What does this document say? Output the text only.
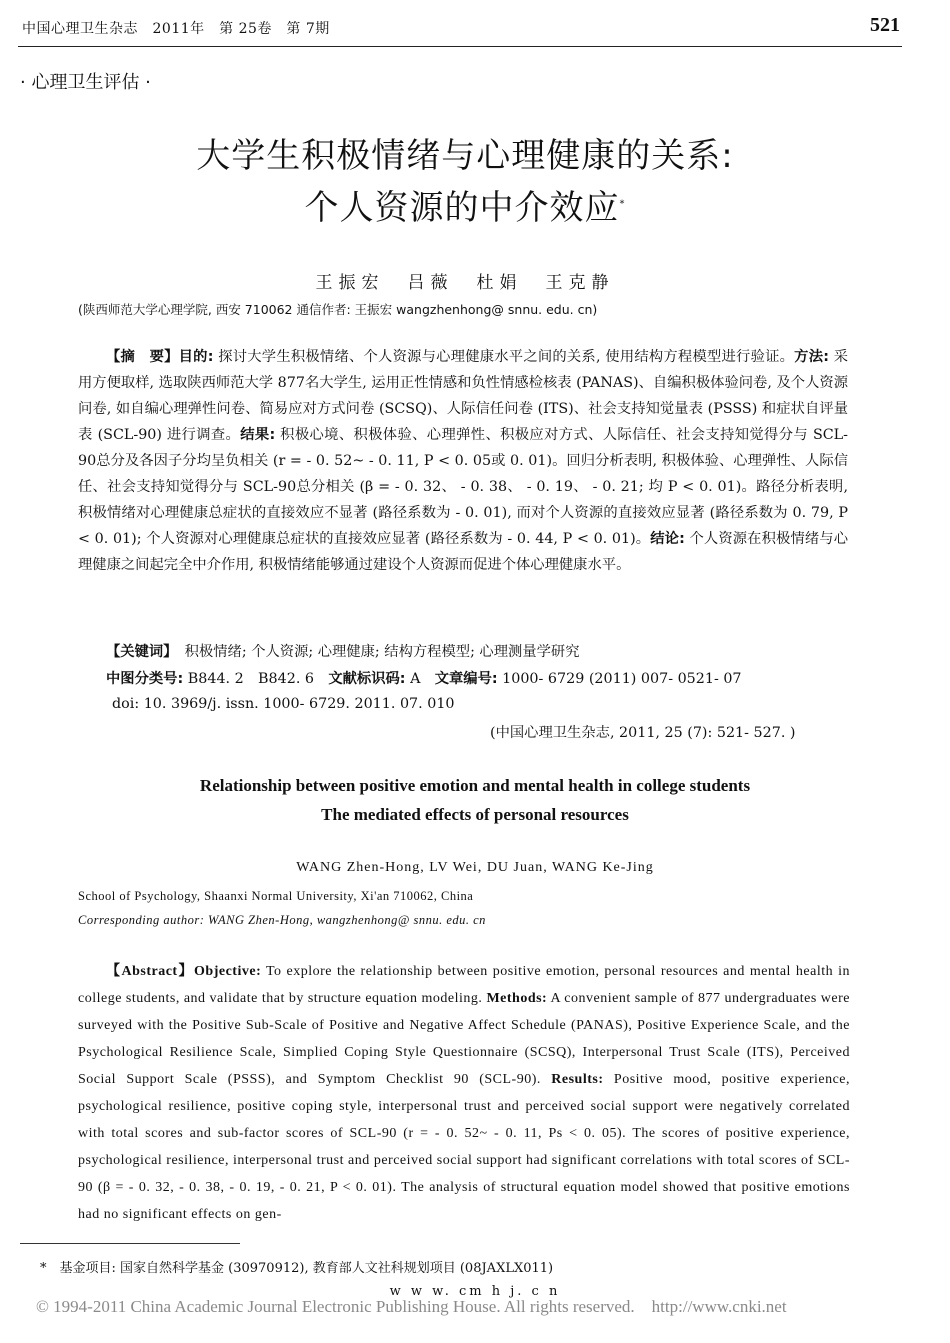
中国心理卫生杂志　2011年　第 25卷　第 7期	521
· 心理卫生评估 ·
大学生积极情绪与心理健康的关系:
个人资源的中介效应*
王振宏　吕薇　杜娟　王克静
(陕西师范大学心理学院, 西安 710062 通信作者: 王振宏 wangzhenhong@ snnu. edu. cn)
【摘　要】目的: 探讨大学生积极情绪、个人资源与心理健康水平之间的关系, 使用结构方程模型进行验证。方法: 采用方便取样, 选取陕西师范大学 877名大学生, 运用正性情感和负性情感检核表 (PANAS)、自编积极体验问卷, 及个人资源问卷, 如自编心理弹性问卷、简易应对方式问卷 (SCSQ)、人际信任问卷 (ITS)、社会支持知觉量表 (PSSS) 和症状自评量表 (SCL-90) 进行调查。结果: 积极心境、积极体验、心理弹性、积极应对方式、人际信任、社会支持知觉得分与 SCL-90总分及各因子分均呈负相关 (r = - 0. 52~ - 0. 11, P < 0. 05或 0. 01)。回归分析表明, 积极体验、心理弹性、人际信任、社会支持知觉得分与 SCL-90总分相关 (β = - 0. 32、 - 0. 38、 - 0. 19、 - 0. 21; 均 P < 0. 01)。路径分析表明, 积极情绪对心理健康总症状的直接效应不显著 (路径系数为 - 0. 01), 而对个人资源的直接效应显著 (路径系数为 0. 79, P < 0. 01); 个人资源对心理健康总症状的直接效应显著 (路径系数为 - 0. 44, P < 0. 01)。结论: 个人资源在积极情绪与心理健康之间起完全中介作用, 积极情绪能够通过建设个人资源而促进个体心理健康水平。
【关键词】　 积极情绪; 个人资源; 心理健康; 结构方程模型; 心理测量学研究
中图分类号: B844. 2　B842. 6　 文献标识码: A　 文章编号: 1000- 6729 (2011) 007- 0521- 07
doi: 10. 3969/j. issn. 1000- 6729. 2011. 07. 010
(中国心理卫生杂志, 2011, 25 (7): 521- 527. )
Relationship between positive emotion and mental health in college students
The mediated effects of personal resources
WANG Zhen-Hong, LV Wei, DU Juan, WANG Ke-Jing
School of Psychology, Shaanxi Normal University, Xi'an 710062, China
Corresponding author: WANG Zhen-Hong, wangzhenhong@ snnu. edu. cn
【Abstract】Objective: To explore the relationship between positive emotion, personal resources and mental health in college students, and validate that by structure equation modeling. Methods: A convenient sample of 877 undergraduates were surveyed with the Positive Sub-Scale of Positive and Negative Affect Schedule (PANAS), Positive Experience Scale, and the Psychological Resilience Scale, Simplied Coping Style Questionnaire (SCSQ), Interpersonal Trust Scale (ITS), Perceived Social Support Scale (PSSS), and Symptom Checklist 90 (SCL-90). Results: Positive mood, positive experience, psychological resilience, positive coping style, interpersonal trust and perceived social support were negatively correlated with total scores and sub-factor scores of SCL-90 (r = - 0. 52~ - 0. 11, Ps < 0. 05). The scores of positive experience, psychological resilience, interpersonal trust and perceived social support had significant correlations with total scores of SCL-90 (β = - 0. 32, - 0. 38, - 0. 19, - 0. 21, P < 0. 01). The analysis of structural equation model showed that positive emotions had no significant effects on gen-
*　基金项目: 国家自然科学基金 (30970912), 教育部人文社科规划项目 (08JAXLX011)
w w w. cm h j. c n
© 1994-2011 China Academic Journal Electronic Publishing House. All rights reserved.　http://www.cnki.net
